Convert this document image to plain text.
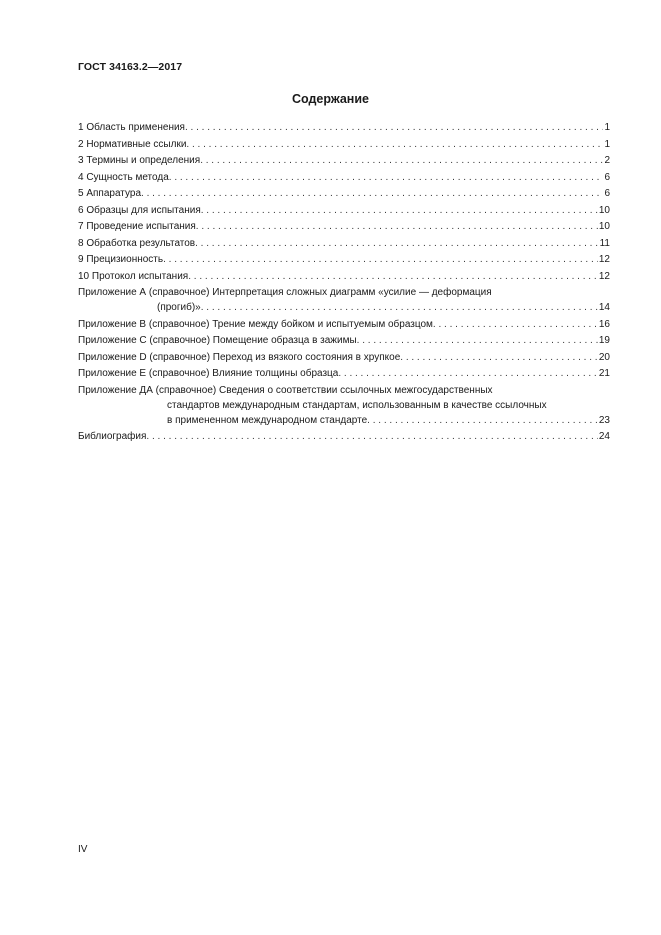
ГОСТ 34163.2—2017
Содержание
1 Область применения . . .	1
2 Нормативные ссылки . . .	1
3 Термины и определения . . .	2
4 Сущность метода . . .	6
5 Аппаратура . . .	6
6 Образцы для испытания . . .	10
7 Проведение испытания . . .	10
8 Обработка результатов . . .	11
9 Прецизионность . . .	12
10 Протокол испытания . . .	12
Приложение А (справочное) Интерпретация сложных диаграмм «усилие — деформация
(прогиб)» . . .	14
Приложение В (справочное) Трение между бойком и испытуемым образцом . . .	16
Приложение С (справочное) Помещение образца в зажимы . . .	19
Приложение D (справочное) Переход из вязкого состояния в хрупкое . . .	20
Приложение Е (справочное) Влияние толщины образца . . .	21
Приложение ДА (справочное) Сведения о соответствии ссылочных межгосударственных
стандартов международным стандартам, использованным в качестве ссылочных
в примененном международном стандарте . . .	23
Библиография . . .	24
IV
